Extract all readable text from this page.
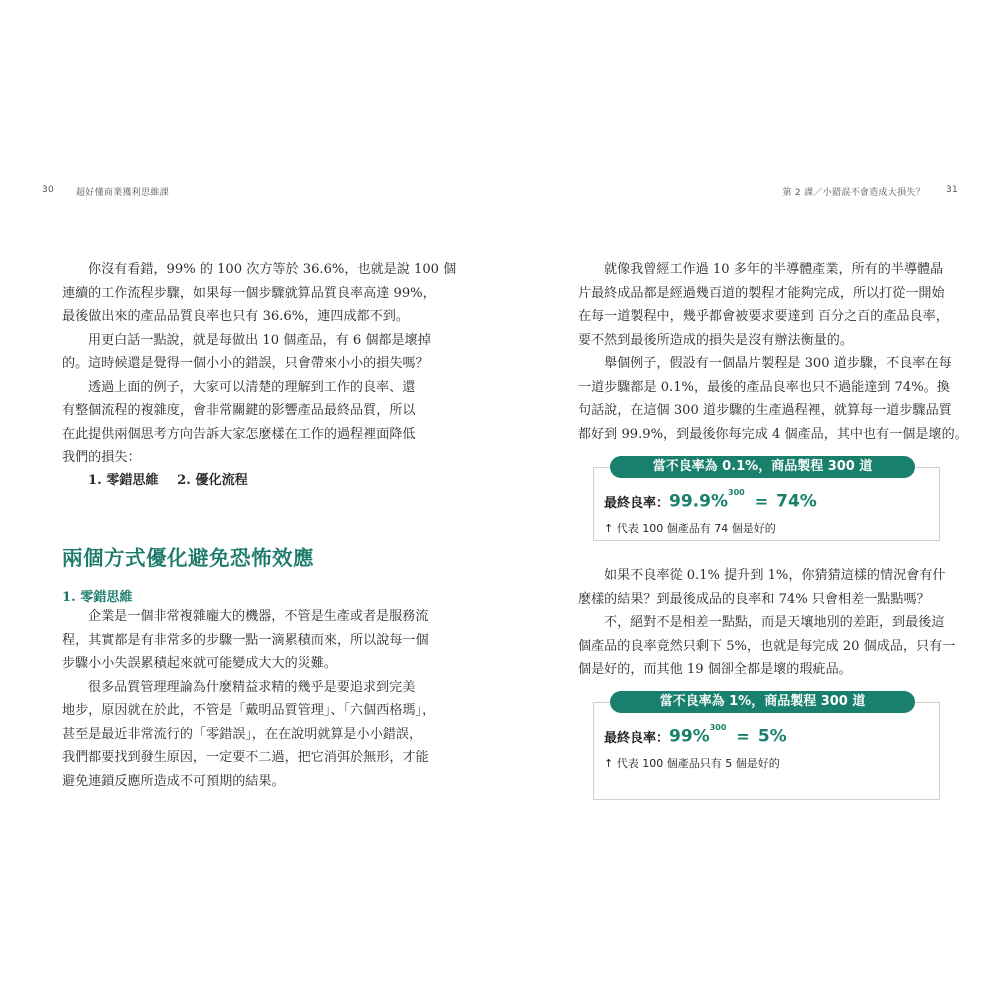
30 超好懂商業獲利思維課
你沒有看錯，99% 的 100 次方等於 36.6%，也就是說 100 個
連續的工作流程步驟，如果每一個步驟就算品質良率高達 99%，
最後做出來的產品品質良率也只有 36.6%，連四成都不到。
用更白話一點說，就是每做出 10 個產品，有 6 個都是壞掉
的。這時候還是覺得一個小小的錯誤，只會帶來小小的損失嗎？
透過上面的例子，大家可以清楚的理解到工作的良率、還
有整個流程的複雜度，會非常關鍵的影響產品最終品質，所以
在此提供兩個思考方向告訴大家怎麼樣在工作的過程裡面降低
我們的損失：
1. 零錯思維 2. 優化流程
兩個方式優化避免恐怖效應
1. 零錯思維
企業是一個非常複雜龐大的機器，不管是生產或者是服務流
程，其實都是有非常多的步驟一點一滴累積而來，所以說每一個
步驟小小失誤累積起來就可能變成大大的災難。
很多品質管理理論為什麼精益求精的幾乎是要追求到完美
地步，原因就在於此，不管是「戴明品質管理」、「六個西格瑪」，
甚至是最近非常流行的「零錯誤」，在在說明就算是小小錯誤，
我們都要找到發生原因，一定要不二過，把它消弭於無形，才能
避免連鎖反應所造成不可預期的結果。
第 2 課／小錯誤不會造成大損失？ 31
就像我曾經工作過 10 多年的半導體產業，所有的半導體晶
片最終成品都是經過幾百道的製程才能夠完成，所以打從一開始
在每一道製程中，幾乎都會被要求要達到 百分之百的產品良率，
要不然到最後所造成的損失是沒有辦法衡量的。
舉個例子，假設有一個晶片製程是 300 道步驟，不良率在每
一道步驟都是 0.1%，最後的產品良率也只不過能達到 74%。換
句話說，在這個 300 道步驟的生產過程裡，就算每一道步驟品質
都好到 99.9%，到最後你每完成 4 個產品，其中也有一個是壞的。
當不良率為 0.1%，商品製程 300 道
最終良率：99.9%$^{300}$ = 74%
↑ 代表 100 個產品有 74 個是好的
如果不良率從 0.1% 提升到 1%，你猜猜這樣的情況會有什
麼樣的結果？到最後成品的良率和 74% 只會相差一點點嗎？
不，絕對不是相差一點點，而是天壤地別的差距，到最後這
個產品的良率竟然只剩下 5%，也就是每完成 20 個成品，只有一
個是好的，而其他 19 個卻全都是壞的瑕疵品。
當不良率為 1%，商品製程 300 道
最終良率：99%$^{300}$ = 5%
↑ 代表 100 個產品只有 5 個是好的
